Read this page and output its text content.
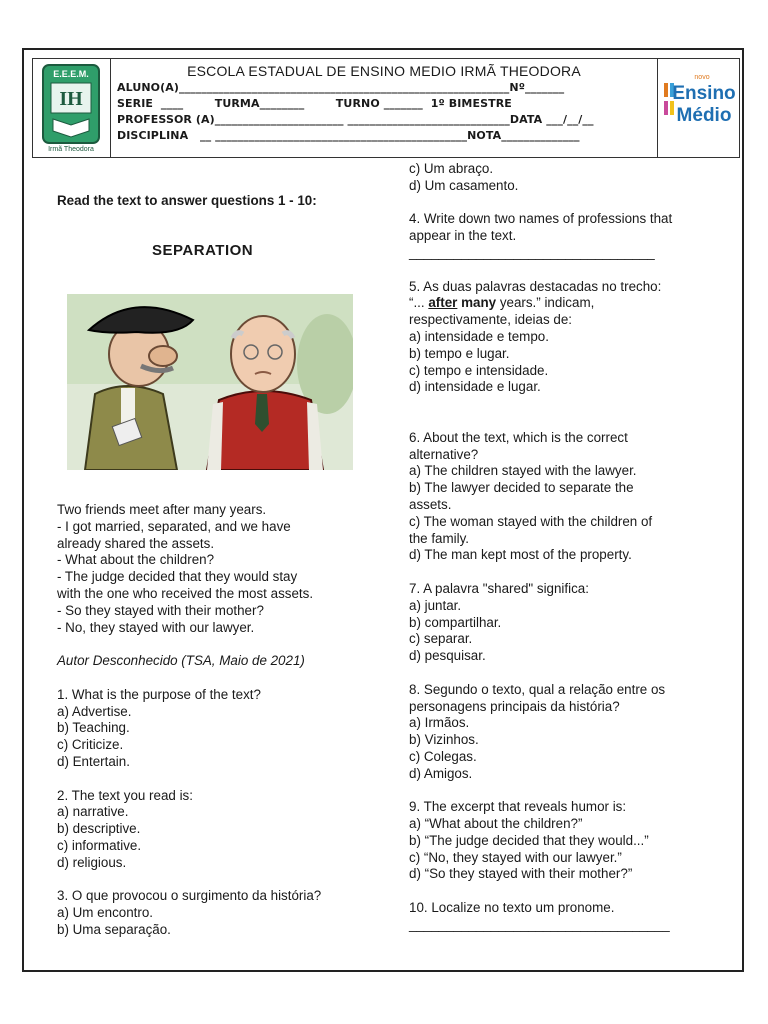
E.E.E.M.
IH
Irmã Theodora
ESCOLA ESTADUAL DE ENSINO MEDIO IRMÃ THEODORA
ALUNO(A)___________________________________________________________Nº_______
SERIE  ____        TURMA________        TURNO _______  1º BIMESTRE
PROFESSOR (A)_______________________ _____________________________DATA ___/__/__
DISCIPLINA   __ _____________________________________________NOTA______________
novo
Ensino
Médio
Read the text to answer questions 1 - 10:
SEPARATION

Two friends meet after many years.

- I got married, separated, and we have

already shared the assets.

- What about the children?

- The judge decided that they would stay

with the one who received the most assets.

- So they stayed with their mother?

- No, they stayed with our lawyer.

Autor Desconhecido (TSA, Maio de 2021)

1. What is the purpose of the text?

a) Advertise.

b) Teaching.

c) Criticize.

d) Entertain.

2. The text you read is:

a) narrative.

b) descriptive.

c) informative.

d) religious.

3. O que provocou o surgimento da história?

a) Um encontro.

b) Uma separação.

c) Um abraço.

d) Um casamento.

4. Write down two names of professions that

appear in the text.

_________________________________

5. As duas palavras destacadas no trecho:

“... after many years.” indicam,

respectivamente, ideias de:

a) intensidade e tempo.

b) tempo e lugar.

c) tempo e intensidade.

d) intensidade e lugar.

6. About the text, which is the correct

alternative?

a) The children stayed with the lawyer.

b) The lawyer decided to separate the

assets.

c) The woman stayed with the children of

the family.

d) The man kept most of the property.

7. A palavra "shared" significa:

a) juntar.

b) compartilhar.

c) separar.

d) pesquisar.

8. Segundo o texto, qual a relação entre os

personagens principais da história?

a) Irmãos.

b) Vizinhos.

c) Colegas.

d) Amigos.

9. The excerpt that reveals humor is:

a) “What about the children?”

b) “The judge decided that they would...”

c) “No, they stayed with our lawyer.”

d) “So they stayed with their mother?”

10. Localize no texto um pronome.

___________________________________
